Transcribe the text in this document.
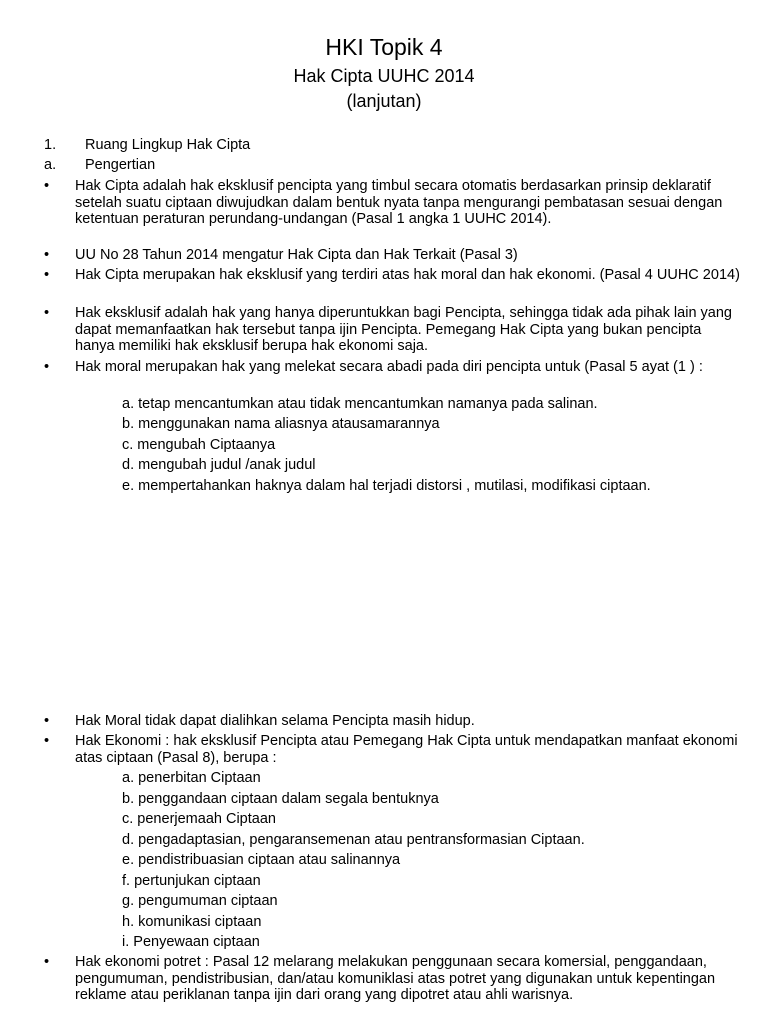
HKI Topik 4
Hak Cipta UUHC 2014
(lanjutan)
1. Ruang Lingkup Hak Cipta
a. Pengertian
• Hak Cipta adalah hak eksklusif pencipta yang timbul secara otomatis berdasarkan prinsip deklaratif setelah suatu ciptaan diwujudkan dalam bentuk nyata tanpa mengurangi pembatasan sesuai dengan ketentuan peraturan perundang-undangan (Pasal 1 angka 1 UUHC 2014).
• UU No 28 Tahun 2014 mengatur Hak Cipta dan Hak Terkait (Pasal 3)
• Hak Cipta merupakan hak eksklusif yang terdiri atas hak moral dan hak ekonomi. (Pasal 4 UUHC 2014)
• Hak eksklusif adalah hak yang hanya diperuntukkan bagi Pencipta, sehingga tidak ada pihak lain yang dapat memanfaatkan hak tersebut tanpa ijin Pencipta. Pemegang Hak Cipta yang bukan pencipta hanya memiliki hak eksklusif berupa hak ekonomi saja.
• Hak moral merupakan hak yang melekat secara abadi pada diri pencipta untuk (Pasal 5 ayat (1 ) :
a. tetap mencantumkan atau tidak mencantumkan namanya pada salinan.
b. menggunakan nama aliasnya atausamarannya
c. mengubah Ciptaanya
d. mengubah judul /anak judul
e. mempertahankan haknya dalam hal terjadi distorsi , mutilasi, modifikasi ciptaan.
• Hak Moral tidak dapat dialihkan selama Pencipta masih hidup.
• Hak Ekonomi : hak eksklusif Pencipta atau Pemegang Hak Cipta untuk mendapatkan manfaat ekonomi atas ciptaan (Pasal 8), berupa :
a. penerbitan Ciptaan
b. penggandaan ciptaan dalam segala bentuknya
c. penerjemaah Ciptaan
d. pengadaptasian, pengaransemenan atau pentransformasian Ciptaan.
e. pendistribuasian ciptaan atau salinannya
f. pertunjukan ciptaan
g. pengumuman ciptaan
h. komunikasi ciptaan
i. Penyewaan ciptaan
• Hak ekonomi potret : Pasal 12 melarang melakukan penggunaan secara komersial, penggandaan, pengumuman, pendistribusian, dan/atau komuniklasi atas potret yang digunakan untuk kepentingan reklame atau periklanan tanpa ijin dari orang yang dipotret atau ahli warisnya.
